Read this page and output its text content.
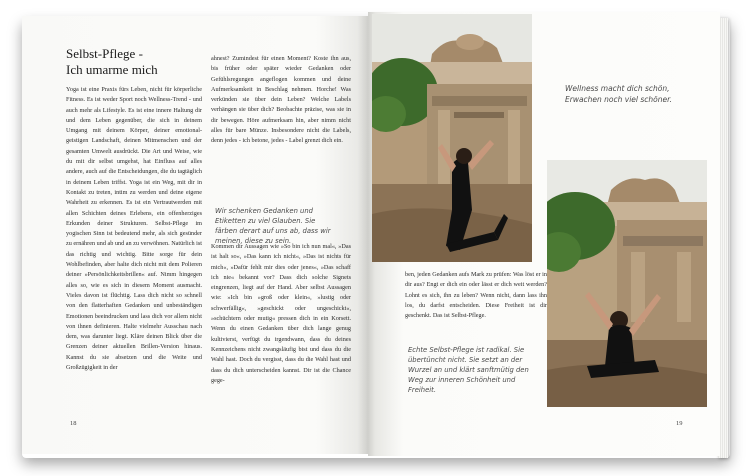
Selbst-Pflege -
Ich umarme mich

Yoga ist eine Praxis fürs Leben, nicht für körperliche Fitness. Es ist weder Sport noch Wellness-Trend - und auch mehr als Lifestyle. Es ist eine innere Haltung dir und dem Leben gegenüber, die sich in deinem Umgang mit deinem Körper, deiner emotional-geistigen Landschaft, deinen Mitmenschen und der gesamten Umwelt ausdrückt. Die Art und Weise, wie du mit dir selbst umgehst, hat Einfluss auf alles andere, auch auf die Entscheidungen, die du tagtäglich in deinem Leben triffst. Yoga ist ein Weg, mit dir in Kontakt zu treten, intim zu werden und deine eigene Wahrheit zu erkennen. Es ist ein Vertrautwerden mit allen Schichten deines Erlebens, ein offenherziges Erkunden deiner Strukturen. Selbst-Pflege im yogischen Sinn ist bedeutend mehr, als sich gesünder zu ernähren und ab und an zu verwöhnen. Natürlich ist das richtig und wichtig. Bitte sorge für dein Wohlbefinden, aber halte dich nicht mit dem Polieren deiner »Persönlichkeitsbrillen« auf. Nimm hingegen alles so, wie es sich in diesem Moment ausmacht. Vieles davon ist flüchtig. Lass dich nicht so schnell von den flatterhaften Gedanken und unbeständigen Emotionen beeindrucken und lass dich vor allem nicht von ihnen definieren. Halte vielmehr Ausschau nach dem, was darunter liegt. Kläre deinen Blick über die Grenzen deiner aktuellen Brillen-Version hinaus. Kannst du sie absetzen und die Weite und Großzügigkeit in der

ahnest? Zumindest für einen Moment? Koste ihn aus, bis früher oder später wieder Gedanken oder Gefühlsregungen angeflogen kommen und deine Aufmerksamkeit in Beschlag nehmen. Horche! Was verkünden sie über dein Leben? Welche Labels verhängen sie über dich? Beobachte präzise, was sie in dir bewegen. Höre aufmerksam hin, aber nimm nicht alles für bare Münze. Insbesondere nicht die Labels, denn jedes - ich betone, jedes - Label grenzt dich ein.

Wir schenken Gedanken und Etiketten zu viel Glauben. Sie färben derart auf uns ab, dass wir meinen, diese zu sein.

Kommen dir Aussagen wie »So bin ich nun mal«, »Das ist halt so«, »Das kann ich nicht«, »Das ist nichts für mich«, »Dafür fehlt mir dies oder jenes«, »Das schaff ich nie« bekannt vor? Dass dich solche Signets eingrenzen, liegt auf der Hand. Aber selbst Aussagen wie: »Ich bin »groß oder klein«, »lustig oder schwerfällig«, »geschickt oder ungeschickt«, »schüchtern oder mutig« pressen dich in ein Korsett. Wenn du einen Gedanken über dich lange genug kultivierst, verfügt du irgendwann, dass du deines Kennzeichens nicht zwangsläufig bist und dass du die Wahl hast. Doch du vergisst, dass du die Wahl hast und dass du dich unterscheiden kannst. Dir ist die Chance gege-

18
Wellness macht dich schön, Erwachen noch viel schöner.

ben, jeden Gedanken aufs Mark zu prüfen: Was löst er in dir aus? Engt er dich ein oder lässt er dich weit werden? Lohnt es sich, ihn zu leben? Wenn nicht, dann lass ihn los, du darfst entscheiden. Diese Freiheit ist dir geschenkt. Das ist Selbst-Pflege.

Echte Selbst-Pflege ist radikal. Sie übertüncht nicht. Sie setzt an der Wurzel an und klärt sanftmütig den Weg zur inneren Schönheit und Freiheit.

19
